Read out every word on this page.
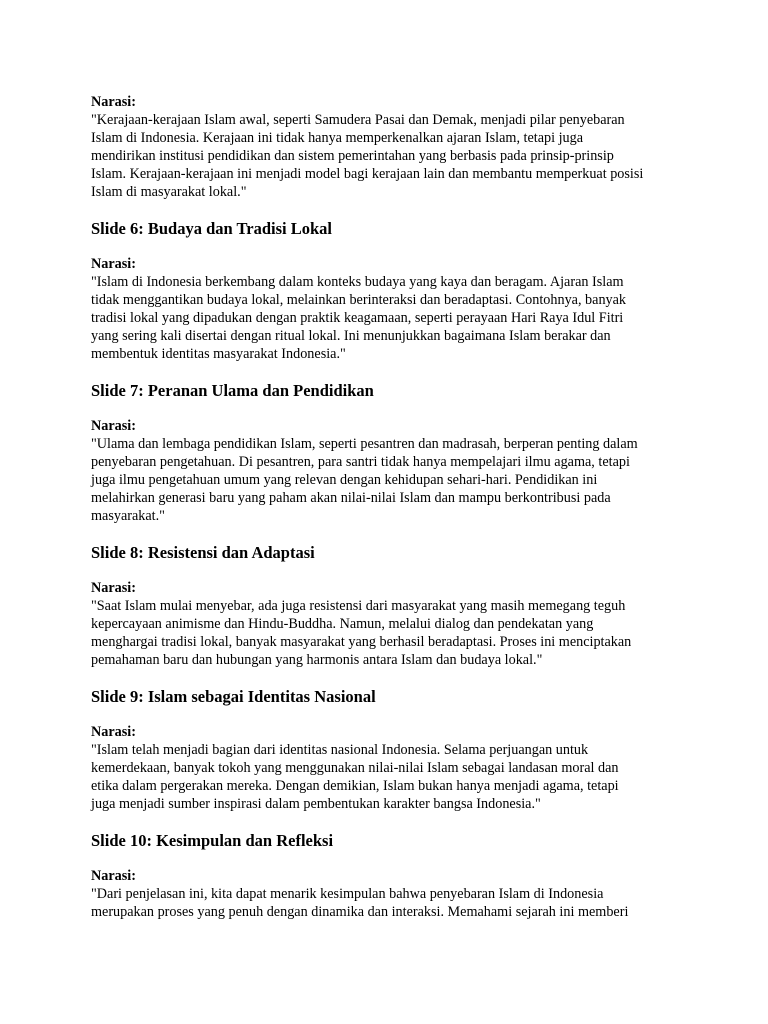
Narasi:

"Kerajaan-kerajaan Islam awal, seperti Samudera Pasai dan Demak, menjadi pilar penyebaran
Islam di Indonesia. Kerajaan ini tidak hanya memperkenalkan ajaran Islam, tetapi juga
mendirikan institusi pendidikan dan sistem pemerintahan yang berbasis pada prinsip-prinsip
Islam. Kerajaan-kerajaan ini menjadi model bagi kerajaan lain dan membantu memperkuat posisi
Islam di masyarakat lokal."

Slide 6: Budaya dan Tradisi Lokal

Narasi:

"Islam di Indonesia berkembang dalam konteks budaya yang kaya dan beragam. Ajaran Islam
tidak menggantikan budaya lokal, melainkan berinteraksi dan beradaptasi. Contohnya, banyak
tradisi lokal yang dipadukan dengan praktik keagamaan, seperti perayaan Hari Raya Idul Fitri
yang sering kali disertai dengan ritual lokal. Ini menunjukkan bagaimana Islam berakar dan
membentuk identitas masyarakat Indonesia."

Slide 7: Peranan Ulama dan Pendidikan

Narasi:

"Ulama dan lembaga pendidikan Islam, seperti pesantren dan madrasah, berperan penting dalam
penyebaran pengetahuan. Di pesantren, para santri tidak hanya mempelajari ilmu agama, tetapi
juga ilmu pengetahuan umum yang relevan dengan kehidupan sehari-hari. Pendidikan ini
melahirkan generasi baru yang paham akan nilai-nilai Islam dan mampu berkontribusi pada
masyarakat."

Slide 8: Resistensi dan Adaptasi

Narasi:

"Saat Islam mulai menyebar, ada juga resistensi dari masyarakat yang masih memegang teguh
kepercayaan animisme dan Hindu-Buddha. Namun, melalui dialog dan pendekatan yang
menghargai tradisi lokal, banyak masyarakat yang berhasil beradaptasi. Proses ini menciptakan
pemahaman baru dan hubungan yang harmonis antara Islam dan budaya lokal."

Slide 9: Islam sebagai Identitas Nasional

Narasi:

"Islam telah menjadi bagian dari identitas nasional Indonesia. Selama perjuangan untuk
kemerdekaan, banyak tokoh yang menggunakan nilai-nilai Islam sebagai landasan moral dan
etika dalam pergerakan mereka. Dengan demikian, Islam bukan hanya menjadi agama, tetapi
juga menjadi sumber inspirasi dalam pembentukan karakter bangsa Indonesia."

Slide 10: Kesimpulan dan Refleksi

Narasi:

"Dari penjelasan ini, kita dapat menarik kesimpulan bahwa penyebaran Islam di Indonesia
merupakan proses yang penuh dengan dinamika dan interaksi. Memahami sejarah ini memberi
